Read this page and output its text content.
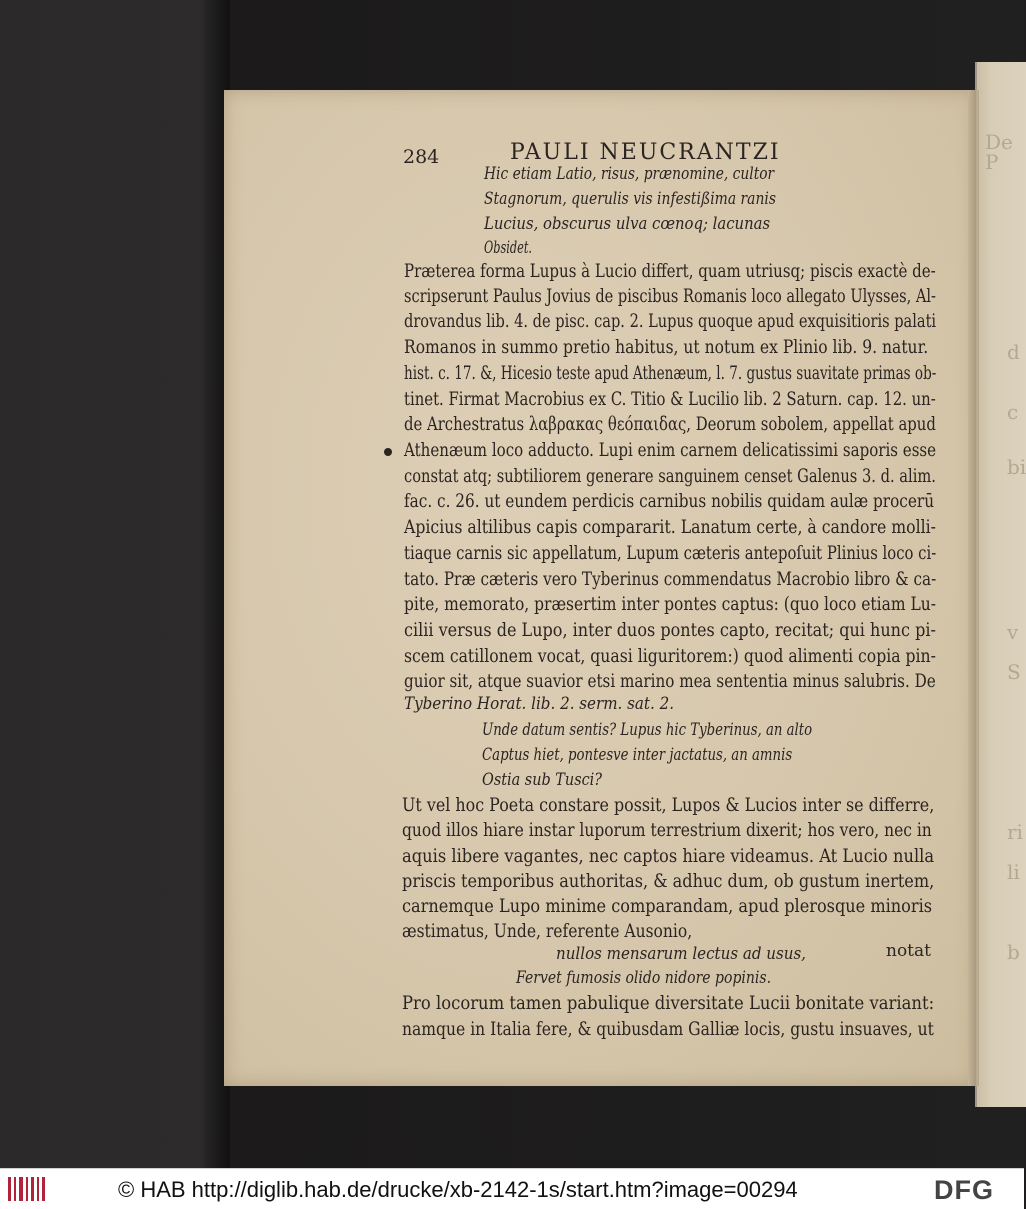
De P
d
c
bi
v
S
ri
li
b
284	PAULI NEUCRANTZI
Hic etiam Latio, risus, prænomine, cultor
Stagnorum, querulis vis infestißima ranis
Lucius, obscurus ulva cœnoq; lacunas
Obsidet.
Præterea forma Lupus à Lucio differt, quam utriusq; piscis exactè de-
scripserunt Paulus Jovius de piscibus Romanis loco allegato Ulysses, Al-
drovandus lib. 4. de pisc. cap. 2. Lupus quoque apud exquisitioris palati
Romanos in summo pretio habitus, ut notum ex Plinio lib. 9. natur.
hist. c. 17. &, Hicesio teste apud Athenæum, l. 7. gustus suavitate primas ob-
tinet. Firmat Macrobius ex C. Titio & Lucilio lib. 2 Saturn. cap. 12. un-
de Archestratus λαβρακας θεόπαιδας, Deorum sobolem, appellat apud
Athenæum loco adducto. Lupi enim carnem delicatissimi saporis esse
constat atq; subtiliorem generare sanguinem censet Galenus 3. d. alim.
fac. c. 26. ut eundem perdicis carnibus nobilis quidam aulæ procerū
Apicius altilibus capis compararit. Lanatum certe, à candore molli-
tiaque carnis sic appellatum, Lupum cæteris antepoſuit Plinius loco ci-
tato. Præ cæteris vero Tyberinus commendatus Macrobio libro & ca-
pite, memorato, præsertim inter pontes captus: (quo loco etiam Lu-
cilii versus de Lupo, inter duos pontes capto, recitat; qui hunc pi-
scem catillonem vocat, quasi liguritorem:) quod alimenti copia pin-
guior sit, atque suavior etsi marino mea sententia minus salubris. De
Tyberino Horat. lib. 2. serm. sat. 2.
Unde datum sentis? Lupus hic Tyberinus, an alto
Captus hiet, pontesve inter jactatus, an amnis
Ostia sub Tusci?
Ut vel hoc Poeta constare possit, Lupos & Lucios inter se differre,
quod illos hiare instar luporum terrestrium dixerit; hos vero, nec in
aquis libere vagantes, nec captos hiare videamus. At Lucio nulla
priscis temporibus authoritas, & adhuc dum, ob gustum inertem,
carnemque Lupo minime comparandam, apud plerosque minoris
æstimatus, Unde, referente Ausonio,
nullos mensarum lectus ad usus,
Fervet fumosis olido nidore popinis.
Pro locorum tamen pabulique diversitate Lucii bonitate variant:
namque in Italia fere, & quibusdam Galliæ locis, gustu insuaves, ut
notat
© HAB http://diglib.hab.de/drucke/xb-2142-1s/start.htm?image=00294	DFG
